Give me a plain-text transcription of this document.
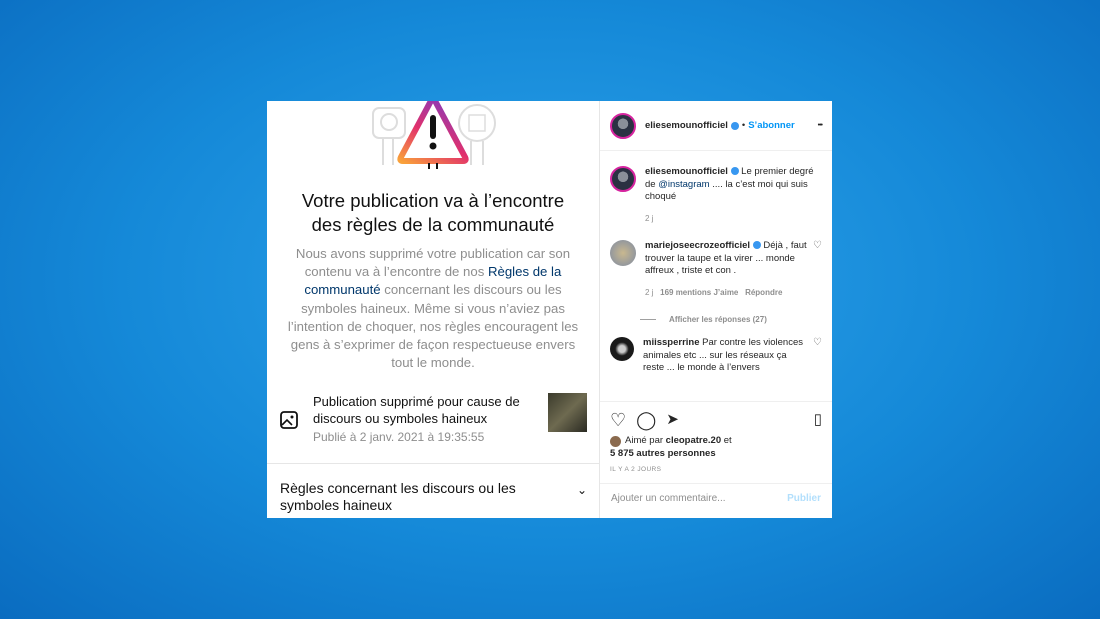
Votre publication va à l’encontre des règles de la communauté
Nous avons supprimé votre publication car son contenu va à l’encontre de nos Règles de la communauté concernant les discours ou les symboles haineux. Même si vous n’aviez pas l’intention de choquer, nos règles encouragent les gens à s’exprimer de façon respectueuse envers tout le monde.
Publication supprimé pour cause de discours ou symboles haineux
Publié à 2 janv. 2021 à 19:35:55
Règles concernant les discours ou les symboles haineux
⌄
eliesemounofficiel • S’abonner	•••
eliesemounofficiel Le premier degré de @instagram .... la c’est moi qui suis choqué
2 j
mariejoseecrozeofficiel Déjà , faut trouver la taupe et la virer ... monde affreux , triste et con .
2 j 169 mentions J’aime Répondre
——      Afficher les réponses (27)
♡
miissperrine Par contre les violences animales etc ... sur les réseaux ça reste ... le monde à l’envers
♡
♡ ◯ ➤	▯
Aimé par cleopatre.20 et
5 875 autres personnes
IL Y A 2 JOURS
Ajouter un commentaire...	Publier
